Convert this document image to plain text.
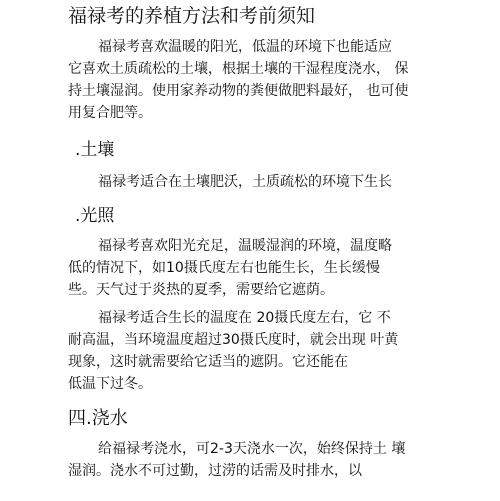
福禄考的养植方法和考前须知
福禄考喜欢温暖的阳光，低温的环境下也能适应
它喜欢土质疏松的土壤，根据土壤的干湿程度浇水， 保
持土壤湿润。使用家养动物的粪便做肥料最好， 也可使
用复合肥等。
.土壤
福禄考适合在土壤肥沃，土质疏松的环境下生长
.光照
福禄考喜欢阳光充足，温暖湿润的环境，温度略
低的情况下，如10摄氏度左右也能生长，生长缓慢
些。天气过于炎热的夏季，需要给它遮荫。
福禄考适合生长的温度在 20摄氏度左右，它 不
耐高温，当环境温度超过30摄氏度时，就会出现 叶黄
现象，这时就需要给它适当的遮阴。它还能在
低温下过冬。
四.浇水
给福禄考浇水，可2-3天浇水一次，始终保持土 壤
湿润。浇水不可过勤，过涝的话需及时排水，以
